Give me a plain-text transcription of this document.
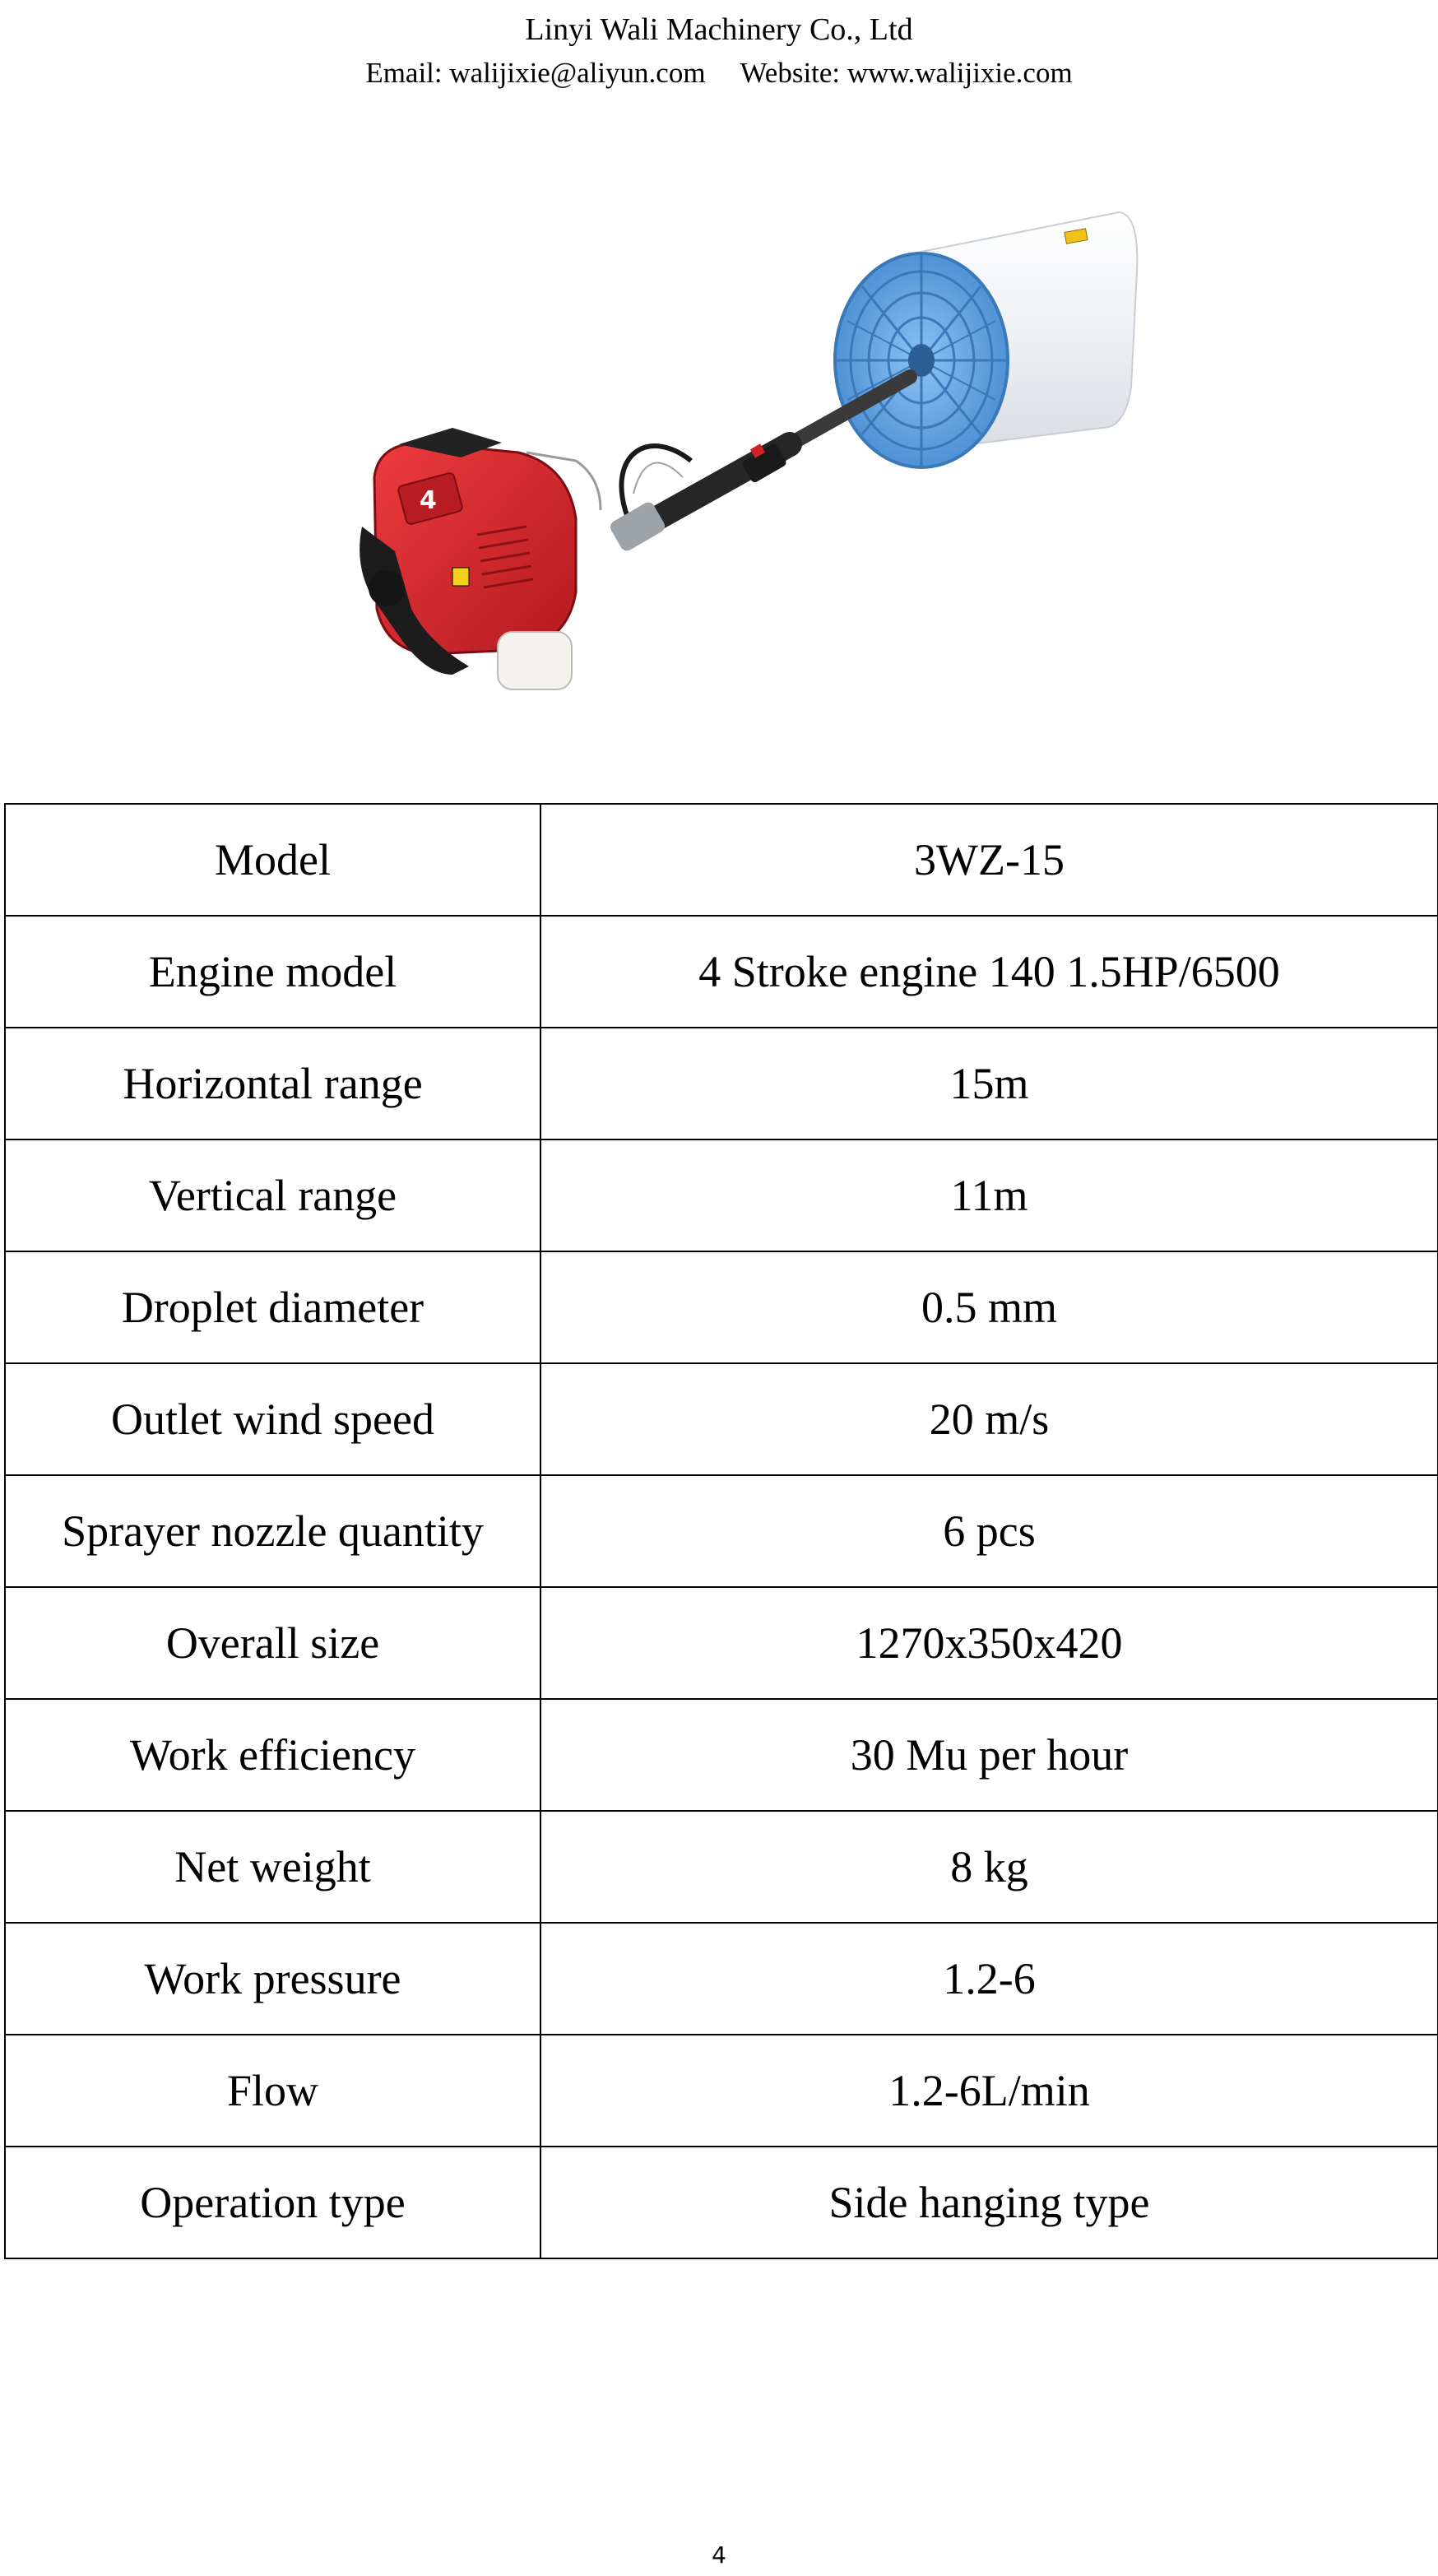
Linyi Wali Machinery Co., Ltd
Email: walijixie@aliyun.com Website: www.walijixie.com
4
Model	3WZ-15
Engine model	4 Stroke engine 140 1.5HP/6500
Horizontal range	15m
Vertical range	11m
Droplet diameter	0.5 mm
Outlet wind speed	20 m/s
Sprayer nozzle quantity	6 pcs
Overall size	1270x350x420
Work efficiency	30 Mu per hour
Net weight	8 kg
Work pressure	1.2-6
Flow	1.2-6L/min
Operation type	Side hanging type
4
